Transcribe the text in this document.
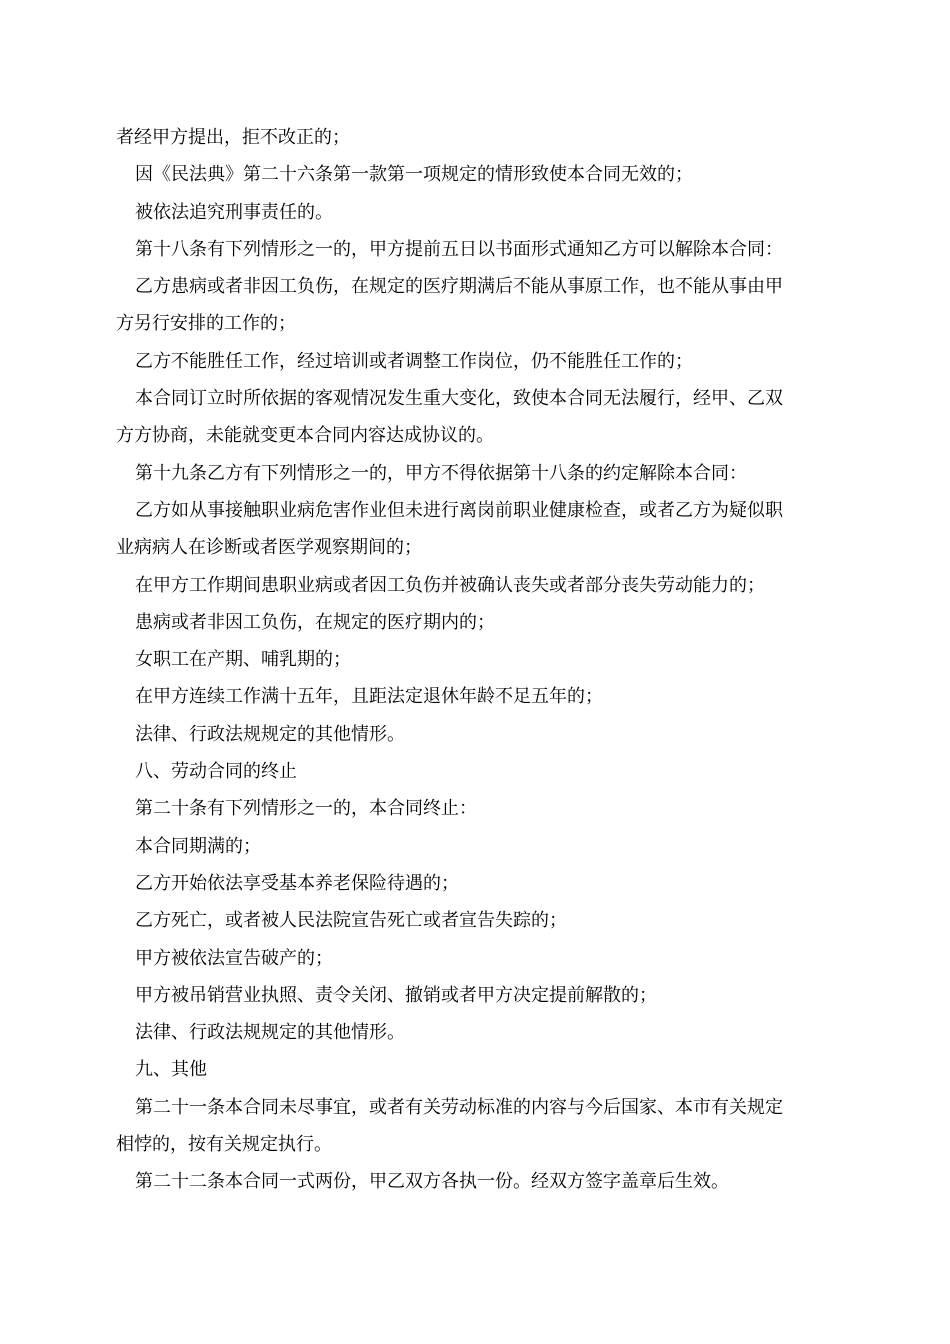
者经甲方提出，拒不改正的；
因《民法典》第二十六条第一款第一项规定的情形致使本合同无效的；
被依法追究刑事责任的。
第十八条有下列情形之一的，甲方提前五日以书面形式通知乙方可以解除本合同：
乙方患病或者非因工负伤，在规定的医疗期满后不能从事原工作，也不能从事由甲
方另行安排的工作的；
乙方不能胜任工作，经过培训或者调整工作岗位，仍不能胜任工作的；
本合同订立时所依据的客观情况发生重大变化，致使本合同无法履行，经甲、乙双
方方协商，未能就变更本合同内容达成协议的。
第十九条乙方有下列情形之一的，甲方不得依据第十八条的约定解除本合同：
乙方如从事接触职业病危害作业但未进行离岗前职业健康检查，或者乙方为疑似职
业病病人在诊断或者医学观察期间的；
在甲方工作期间患职业病或者因工负伤并被确认丧失或者部分丧失劳动能力的；
患病或者非因工负伤，在规定的医疗期内的；
女职工在产期、哺乳期的；
在甲方连续工作满十五年，且距法定退休年龄不足五年的；
法律、行政法规规定的其他情形。
八、劳动合同的终止
第二十条有下列情形之一的，本合同终止：
本合同期满的；
乙方开始依法享受基本养老保险待遇的；
乙方死亡，或者被人民法院宣告死亡或者宣告失踪的；
甲方被依法宣告破产的；
甲方被吊销营业执照、责令关闭、撤销或者甲方决定提前解散的；
法律、行政法规规定的其他情形。
九、其他
第二十一条本合同未尽事宜，或者有关劳动标准的内容与今后国家、本市有关规定
相悖的，按有关规定执行。
第二十二条本合同一式两份，甲乙双方各执一份。经双方签字盖章后生效。
